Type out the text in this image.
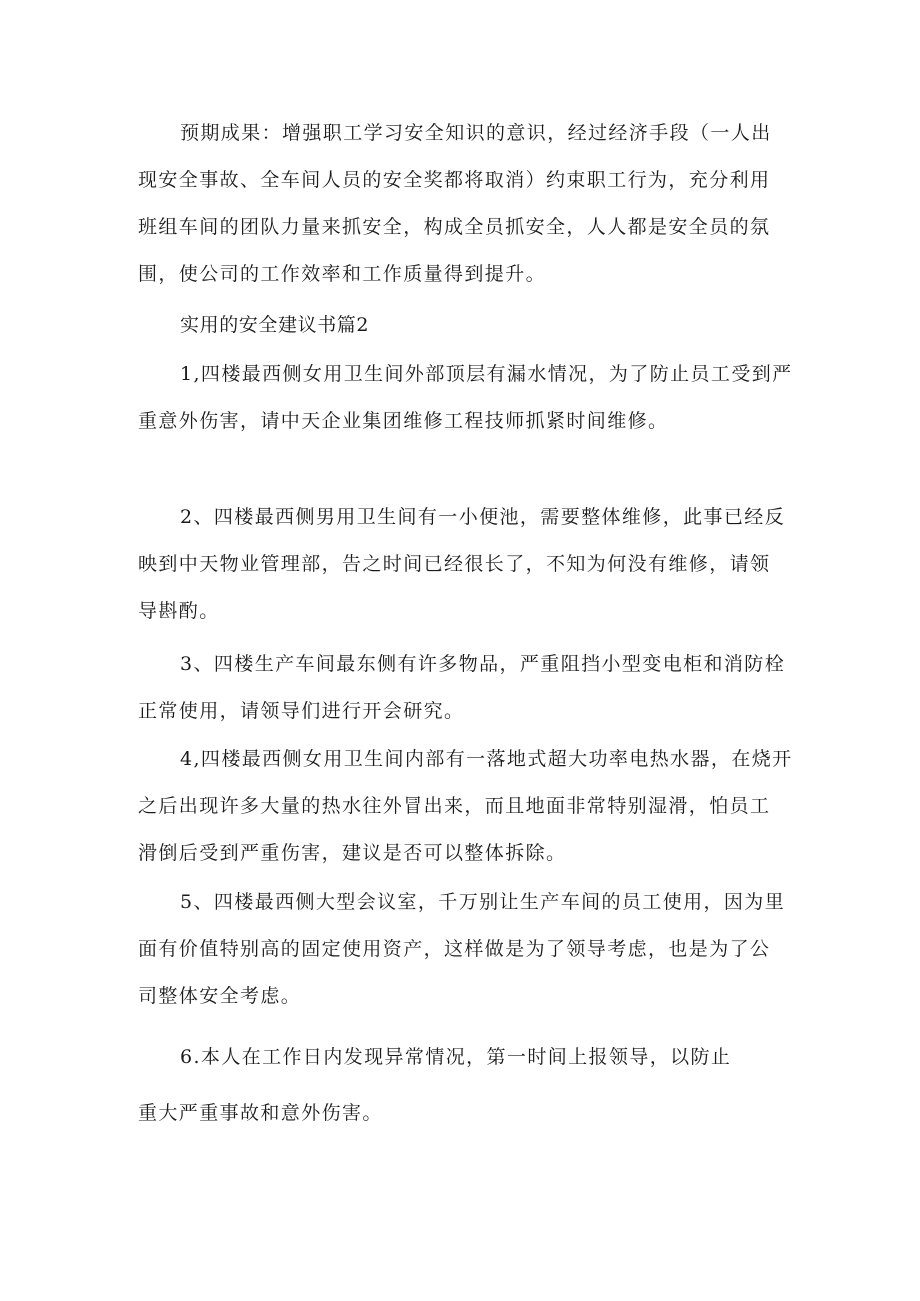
预期成果：增强职工学习安全知识的意识，经过经济手段（一人出
现安全事故、全车间人员的安全奖都将取消）约束职工行为，充分利用
班组车间的团队力量来抓安全，构成全员抓安全，人人都是安全员的氛
围，使公司的工作效率和工作质量得到提升。
实用的安全建议书篇2
1,四楼最西侧女用卫生间外部顶层有漏水情况，为了防止员工受到严
重意外伤害，请中天企业集团维修工程技师抓紧时间维修。
2、四楼最西侧男用卫生间有一小便池，需要整体维修，此事已经反
映到中天物业管理部，告之时间已经很长了，不知为何没有维修，请领
导斟酌。
3、四楼生产车间最东侧有许多物品，严重阻挡小型变电柜和消防栓
正常使用，请领导们进行开会研究。
4,四楼最西侧女用卫生间内部有一落地式超大功率电热水器，在烧开
之后出现许多大量的热水往外冒出来，而且地面非常特别湿滑，怕员工
滑倒后受到严重伤害，建议是否可以整体拆除。
5、四楼最西侧大型会议室，千万别让生产车间的员工使用，因为里
面有价值特别高的固定使用资产，这样做是为了领导考虑，也是为了公
司整体安全考虑。
6.本人在工作日内发现异常情况，第一时间上报领导，以防止
重大严重事故和意外伤害。
